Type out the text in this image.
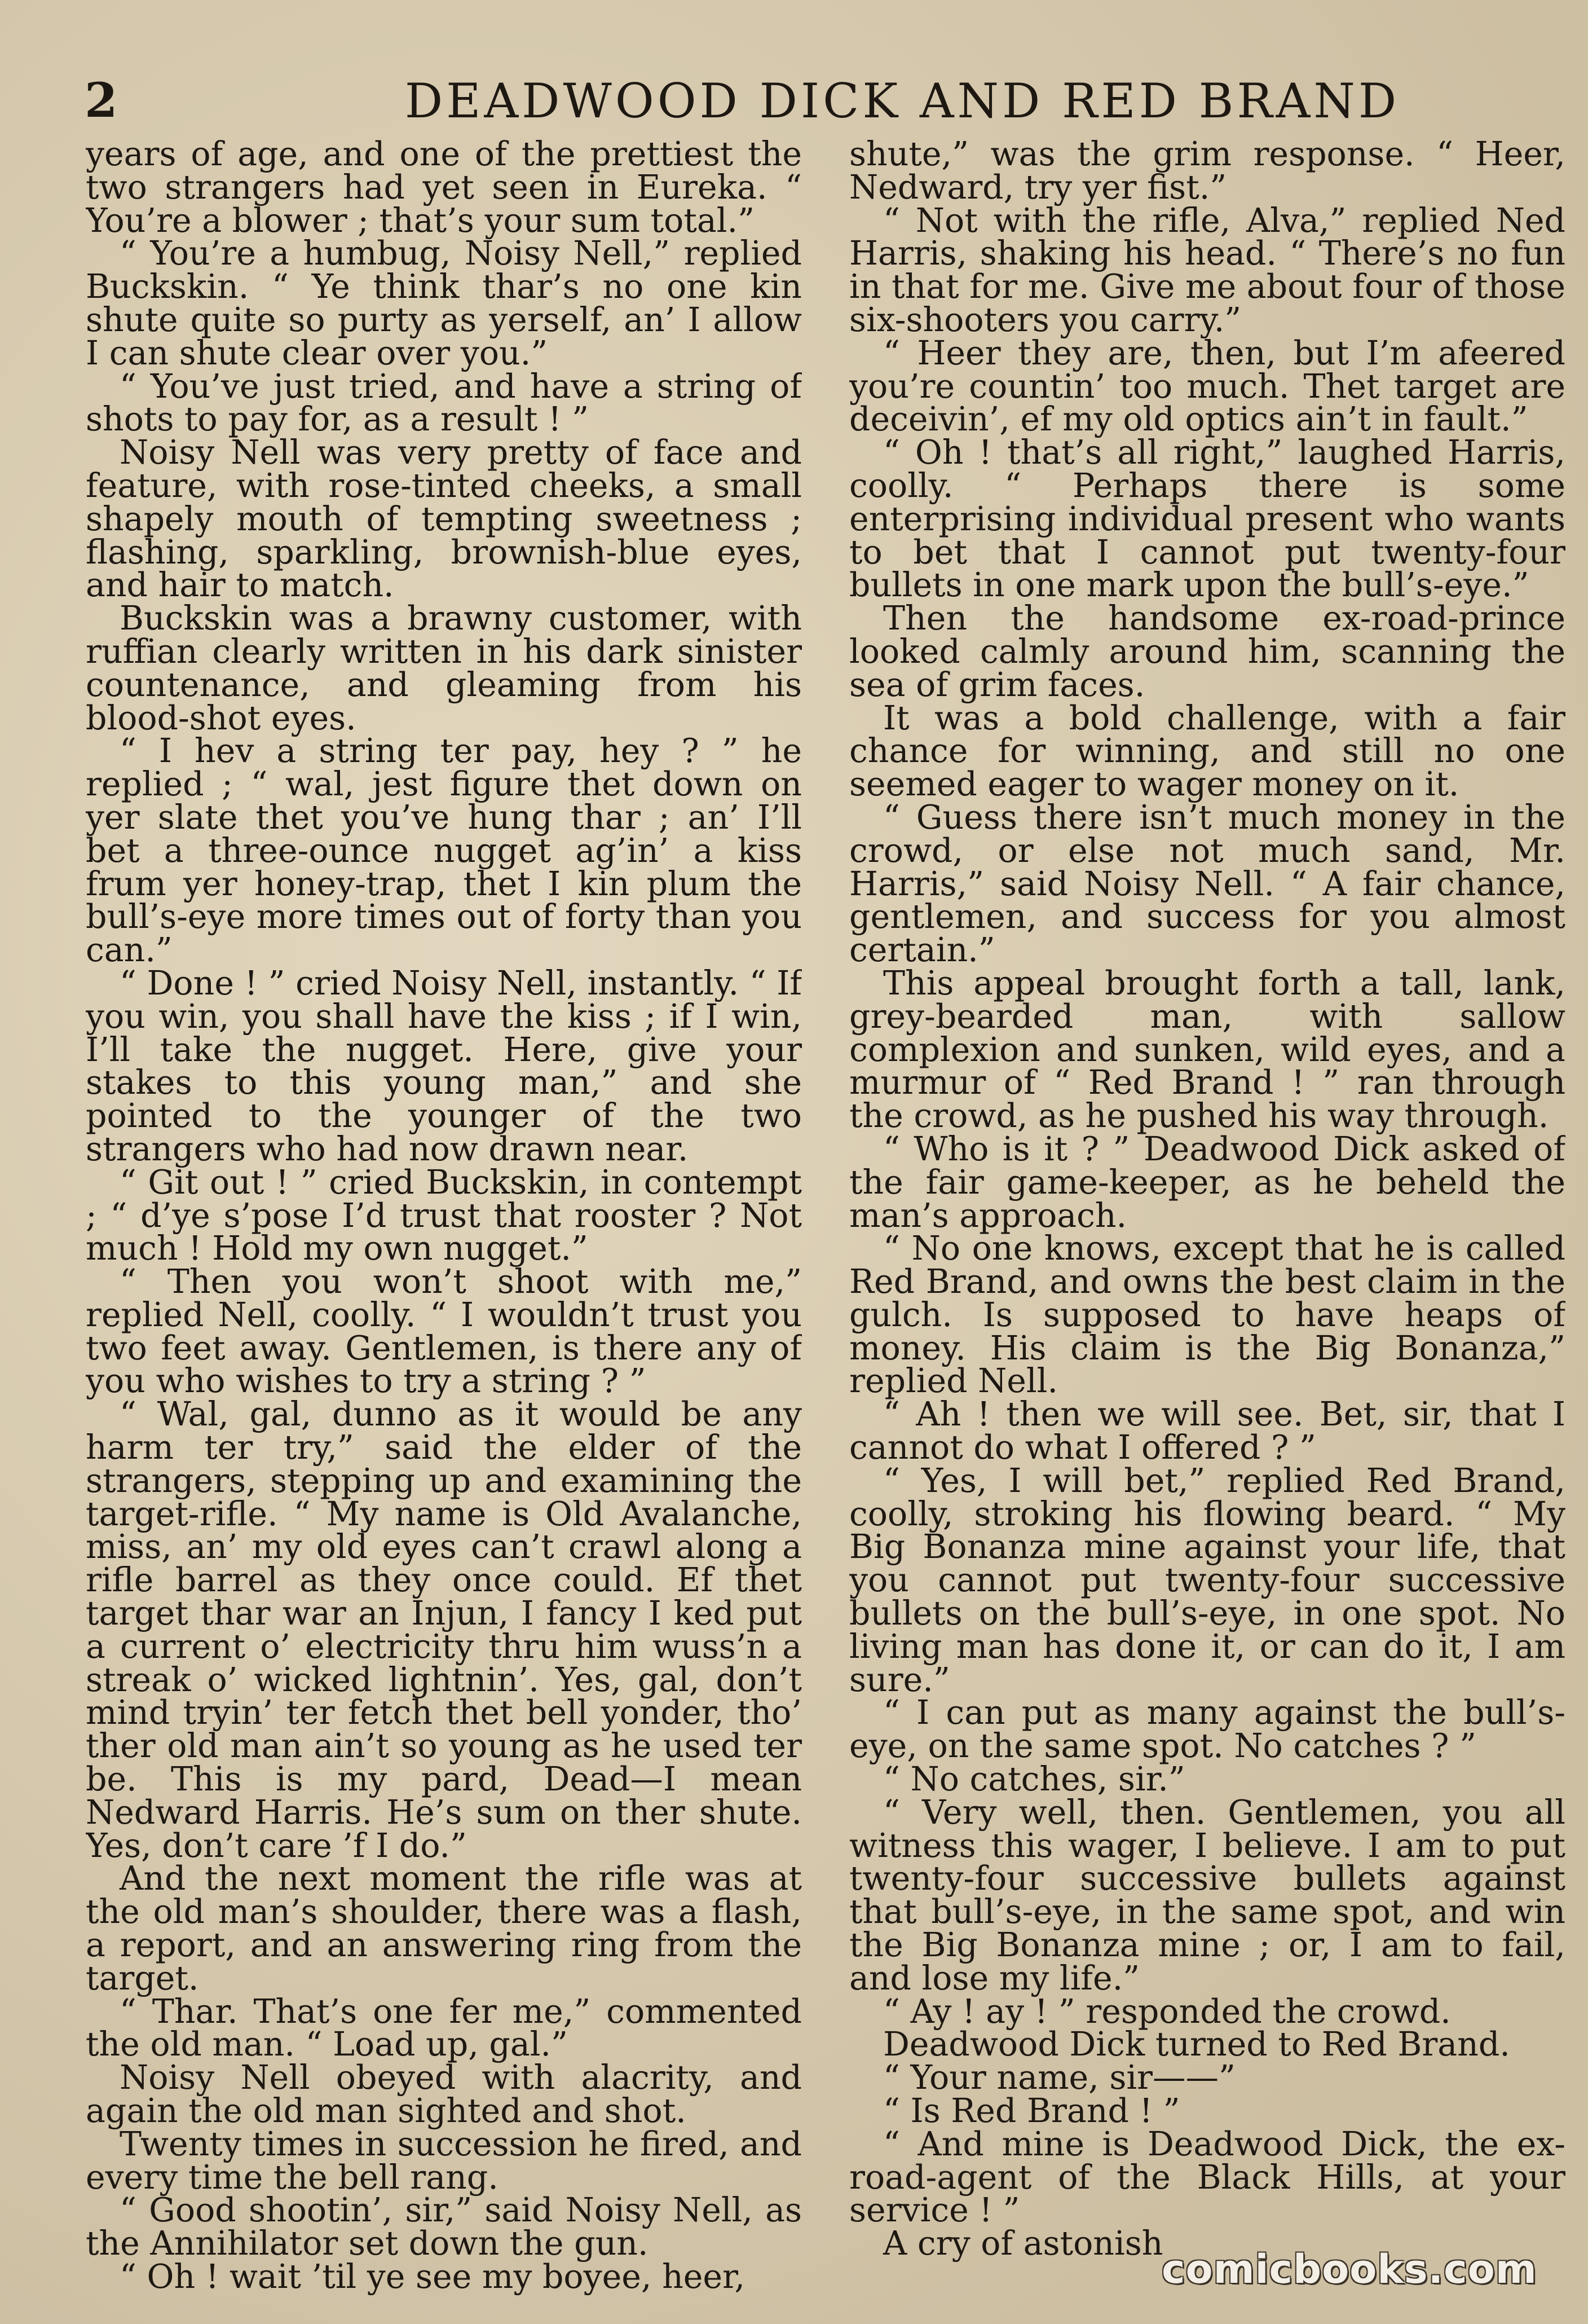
2	DEADWOOD DICK AND RED BRAND

years of age, and one of the prettiest the two strangers had yet seen in Eureka. “ You’re a blower ; that’s your sum total.”

“ You’re a humbug, Noisy Nell,” replied Buckskin. “ Ye think thar’s no one kin shute quite so purty as yerself, an’ I allow I can shute clear over you.”

“ You’ve just tried, and have a string of shots to pay for, as a result ! ”

Noisy Nell was very pretty of face and feature, with rose-tinted cheeks, a small shapely mouth of tempting sweetness ; flashing, sparkling, brownish-blue eyes, and hair to match.

Buckskin was a brawny customer, with ruffian clearly written in his dark sinister countenance, and gleaming from his blood-shot eyes.

“ I hev a string ter pay, hey ? ” he replied ; “ wal, jest figure thet down on yer slate thet you’ve hung thar ; an’ I’ll bet a three-ounce nugget ag’in’ a kiss frum yer honey-trap, thet I kin plum the bull’s-eye more times out of forty than you can.”

“ Done ! ” cried Noisy Nell, instantly. “ If you win, you shall have the kiss ; if I win, I’ll take the nugget. Here, give your stakes to this young man,” and she pointed to the younger of the two strangers who had now drawn near.

“ Git out ! ” cried Buckskin, in contempt ; “ d’ye s’pose I’d trust that rooster ? Not much ! Hold my own nugget.”

“ Then you won’t shoot with me,” replied Nell, coolly. “ I wouldn’t trust you two feet away. Gentlemen, is there any of you who wishes to try a string ? ”

“ Wal, gal, dunno as it would be any harm ter try,” said the elder of the strangers, stepping up and examining the target-rifle. “ My name is Old Avalanche, miss, an’ my old eyes can’t crawl along a rifle barrel as they once could. Ef thet target thar war an Injun, I fancy I ked put a current o’ electricity thru him wuss’n a streak o’ wicked lightnin’. Yes, gal, don’t mind tryin’ ter fetch thet bell yonder, tho’ ther old man ain’t so young as he used ter be. This is my pard, Dead—I mean Nedward Harris. He’s sum on ther shute. Yes, don’t care ’f I do.”

And the next moment the rifle was at the old man’s shoulder, there was a flash, a report, and an answering ring from the target.

“ Thar. That’s one fer me,” commented the old man. “ Load up, gal.”

Noisy Nell obeyed with alacrity, and again the old man sighted and shot.

Twenty times in succession he fired, and every time the bell rang.

“ Good shootin’, sir,” said Noisy Nell, as the Annihilator set down the gun.

“ Oh ! wait ’til ye see my boyee, heer,

shute,” was the grim response. “ Heer, Nedward, try yer fist.”

“ Not with the rifle, Alva,” replied Ned Harris, shaking his head. “ There’s no fun in that for me. Give me about four of those six-shooters you carry.”

“ Heer they are, then, but I’m afeered you’re countin’ too much. Thet target are deceivin’, ef my old optics ain’t in fault.”

“ Oh ! that’s all right,” laughed Harris, coolly. “ Perhaps there is some enterprising individual present who wants to bet that I cannot put twenty-four bullets in one mark upon the bull’s-eye.”

Then the handsome ex-road-prince looked calmly around him, scanning the sea of grim faces.

It was a bold challenge, with a fair chance for winning, and still no one seemed eager to wager money on it.

“ Guess there isn’t much money in the crowd, or else not much sand, Mr. Harris,” said Noisy Nell. “ A fair chance, gentlemen, and success for you almost certain.”

This appeal brought forth a tall, lank, grey-bearded man, with sallow complexion and sunken, wild eyes, and a murmur of “ Red Brand ! ” ran through the crowd, as he pushed his way through.

“ Who is it ? ” Deadwood Dick asked of the fair game-keeper, as he beheld the man’s approach.

“ No one knows, except that he is called Red Brand, and owns the best claim in the gulch. Is supposed to have heaps of money. His claim is the Big Bonanza,” replied Nell.

“ Ah ! then we will see. Bet, sir, that I cannot do what I offered ? ”

“ Yes, I will bet,” replied Red Brand, coolly, stroking his flowing beard. “ My Big Bonanza mine against your life, that you cannot put twenty-four successive bullets on the bull’s-eye, in one spot. No living man has done it, or can do it, I am sure.”

“ I can put as many against the bull’s-eye, on the same spot. No catches ? ”

“ No catches, sir.”

“ Very well, then. Gentlemen, you all witness this wager, I believe. I am to put twenty-four successive bullets against that bull’s-eye, in the same spot, and win the Big Bonanza mine ; or, I am to fail, and lose my life.”

“ Ay ! ay ! ” responded the crowd.

Deadwood Dick turned to Red Brand.

“ Your name, sir——”

“ Is Red Brand ! ”

“ And mine is Deadwood Dick, the ex-road-agent of the Black Hills, at your service ! ”

A cry of astonish

comicbooks.com
